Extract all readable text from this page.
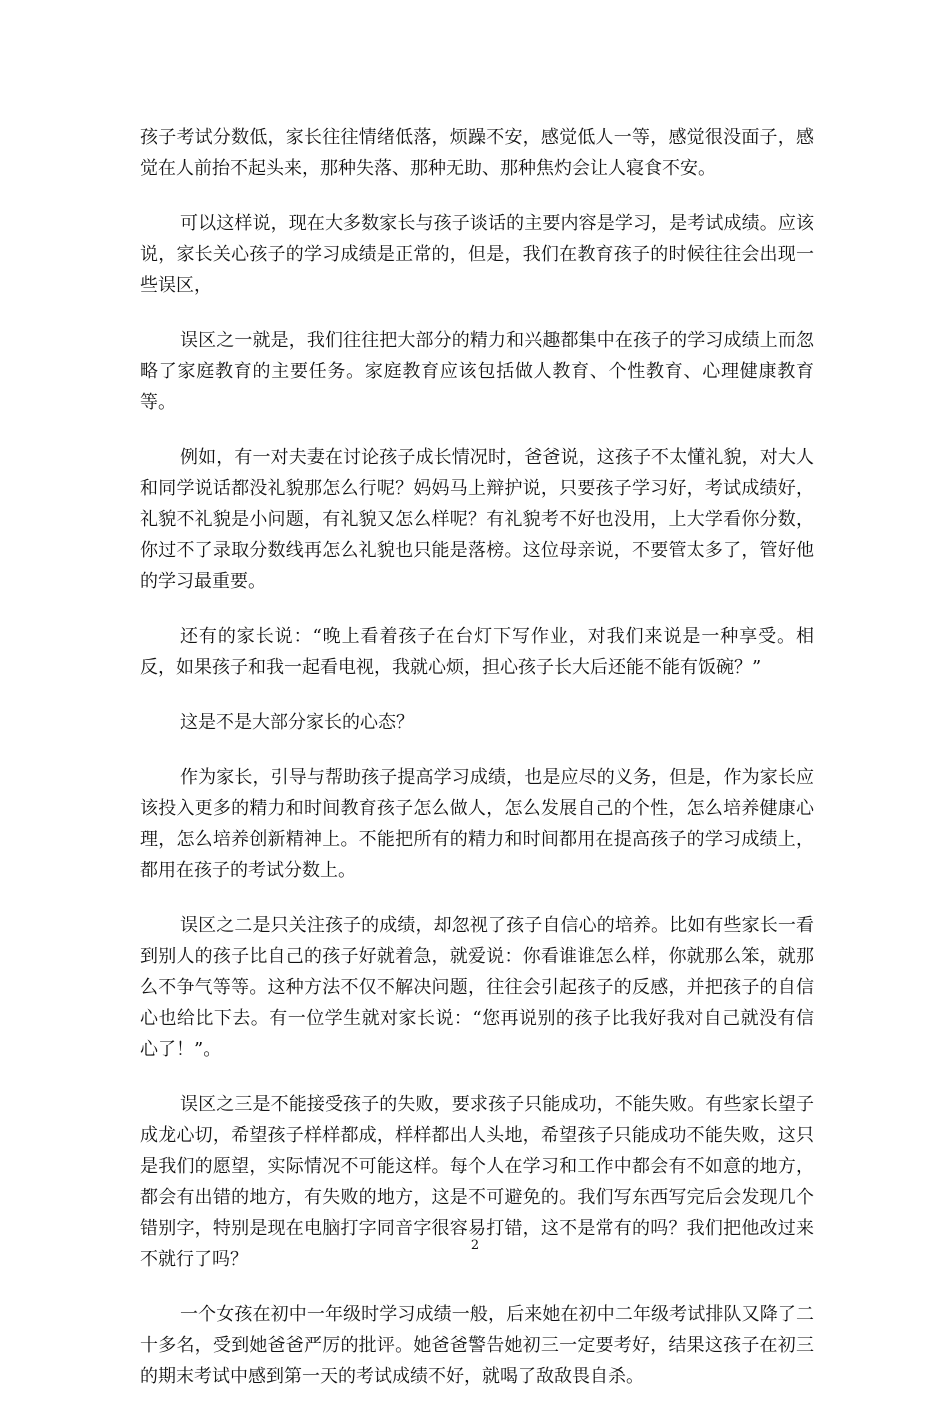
孩子考试分数低，家长往往情绪低落，烦躁不安，感觉低人一等，感觉很没面子，感觉在人前抬不起头来，那种失落、那种无助、那种焦灼会让人寝食不安。

可以这样说，现在大多数家长与孩子谈话的主要内容是学习，是考试成绩。应该说，家长关心孩子的学习成绩是正常的，但是，我们在教育孩子的时候往往会出现一些误区，

误区之一就是，我们往往把大部分的精力和兴趣都集中在孩子的学习成绩上而忽略了家庭教育的主要任务。家庭教育应该包括做人教育、个性教育、心理健康教育等。

例如，有一对夫妻在讨论孩子成长情况时，爸爸说，这孩子不太懂礼貌，对大人和同学说话都没礼貌那怎么行呢？妈妈马上辩护说，只要孩子学习好，考试成绩好，礼貌不礼貌是小问题，有礼貌又怎么样呢？有礼貌考不好也没用，上大学看你分数，你过不了录取分数线再怎么礼貌也只能是落榜。这位母亲说，不要管太多了，管好他的学习最重要。

还有的家长说：“晚上看着孩子在台灯下写作业，对我们来说是一种享受。相反，如果孩子和我一起看电视，我就心烦，担心孩子长大后还能不能有饭碗？”

这是不是大部分家长的心态？

作为家长，引导与帮助孩子提高学习成绩，也是应尽的义务，但是，作为家长应该投入更多的精力和时间教育孩子怎么做人，怎么发展自己的个性，怎么培养健康心理，怎么培养创新精神上。不能把所有的精力和时间都用在提高孩子的学习成绩上，都用在孩子的考试分数上。

误区之二是只关注孩子的成绩，却忽视了孩子自信心的培养。比如有些家长一看到别人的孩子比自己的孩子好就着急，就爱说：你看谁谁怎么样，你就那么笨，就那么不争气等等。这种方法不仅不解决问题，往往会引起孩子的反感，并把孩子的自信心也给比下去。有一位学生就对家长说：“您再说别的孩子比我好我对自己就没有信心了！”。

误区之三是不能接受孩子的失败，要求孩子只能成功，不能失败。有些家长望子成龙心切，希望孩子样样都成，样样都出人头地，希望孩子只能成功不能失败，这只是我们的愿望，实际情况不可能这样。每个人在学习和工作中都会有不如意的地方，都会有出错的地方，有失败的地方，这是不可避免的。我们写东西写完后会发现几个错别字，特别是现在电脑打字同音字很容易打错，这不是常有的吗？我们把他改过来不就行了吗？

一个女孩在初中一年级时学习成绩一般，后来她在初中二年级考试排队又降了二十多名，受到她爸爸严厉的批评。她爸爸警告她初三一定要考好，结果这孩子在初三的期末考试中感到第一天的考试成绩不好，就喝了敌敌畏自杀。

2
